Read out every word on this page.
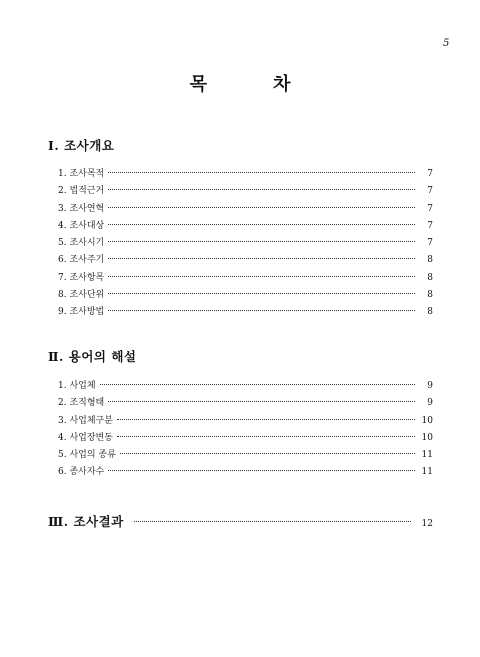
5
목	차
Ⅰ. 조사개요
1. 조사목적	7
2. 법적근거	7
3. 조사연혁	7
4. 조사대상	7
5. 조사시기	7
6. 조사주기	8
7. 조사항목	8
8. 조사단위	8
9. 조사방법	8
Ⅱ. 용어의 해설
1. 사업체	9
2. 조직형태	9
3. 사업체구분	10
4. 사업장변동	10
5. 사업의 종류	11
6. 종사자수	11
Ⅲ. 조사결과	12
